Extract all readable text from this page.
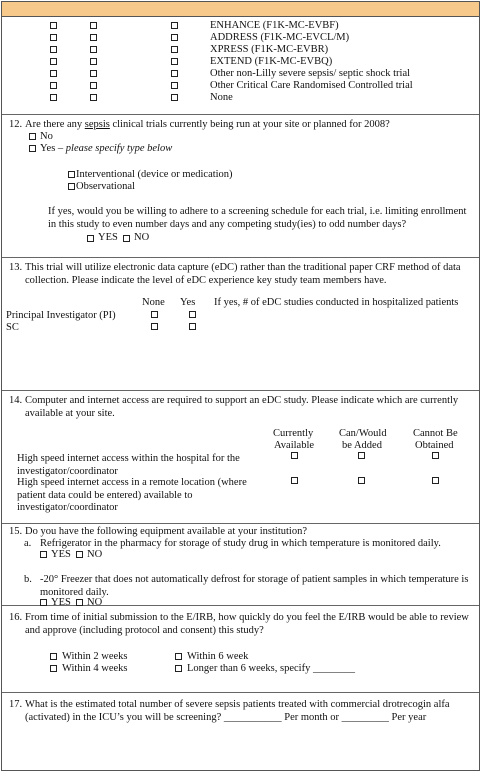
ENHANCE (F1K-MC-EVBF)
ADDRESS (F1K-MC-EVCL/M)
XPRESS (F1K-MC-EVBR)
EXTEND (F1K-MC-EVBQ)
Other non-Lilly severe sepsis/ septic shock trial
Other Critical Care Randomised Controlled trial
None
12. Are there any sepsis clinical trials currently being run at your site or planned for 2008?
No
Yes – please specify type below
Interventional (device or medication)
Observational
If yes, would you be willing to adhere to a screening schedule for each trial, i.e. limiting enrollment in this study to even number days and any competing study(ies) to odd number days?
YES NO
13. This trial will utilize electronic data capture (eDC) rather than the traditional paper CRF method of data collection. Please indicate the level of eDC experience key study team members have.
None Yes If yes, # of eDC studies conducted in hospitalized patients
Principal Investigator (PI)
SC
14. Computer and internet access are required to support an eDC study. Please indicate which are currently available at your site.
Currently
Available
Can/Would
be Added
Cannot Be
Obtained
High speed internet access within the hospital for the investigator/coordinator
High speed internet access in a remote location (where patient data could be entered) available to investigator/coordinator
15. Do you have the following equipment available at your institution?
a. Refrigerator in the pharmacy for storage of study drug in which temperature is monitored daily.
YES NO
b. -20° Freezer that does not automatically defrost for storage of patient samples in which temperature is monitored daily.
YES NO
16. From time of initial submission to the E/IRB, how quickly do you feel the E/IRB would be able to review and approve (including protocol and consent) this study?
Within 2 weeks	Within 6 week
Within 4 weeks	Longer than 6 weeks, specify ________
17. What is the estimated total number of severe sepsis patients treated with commercial drotrecogin alfa (activated) in the ICU’s you will be screening? ___________ Per month or _________ Per year
